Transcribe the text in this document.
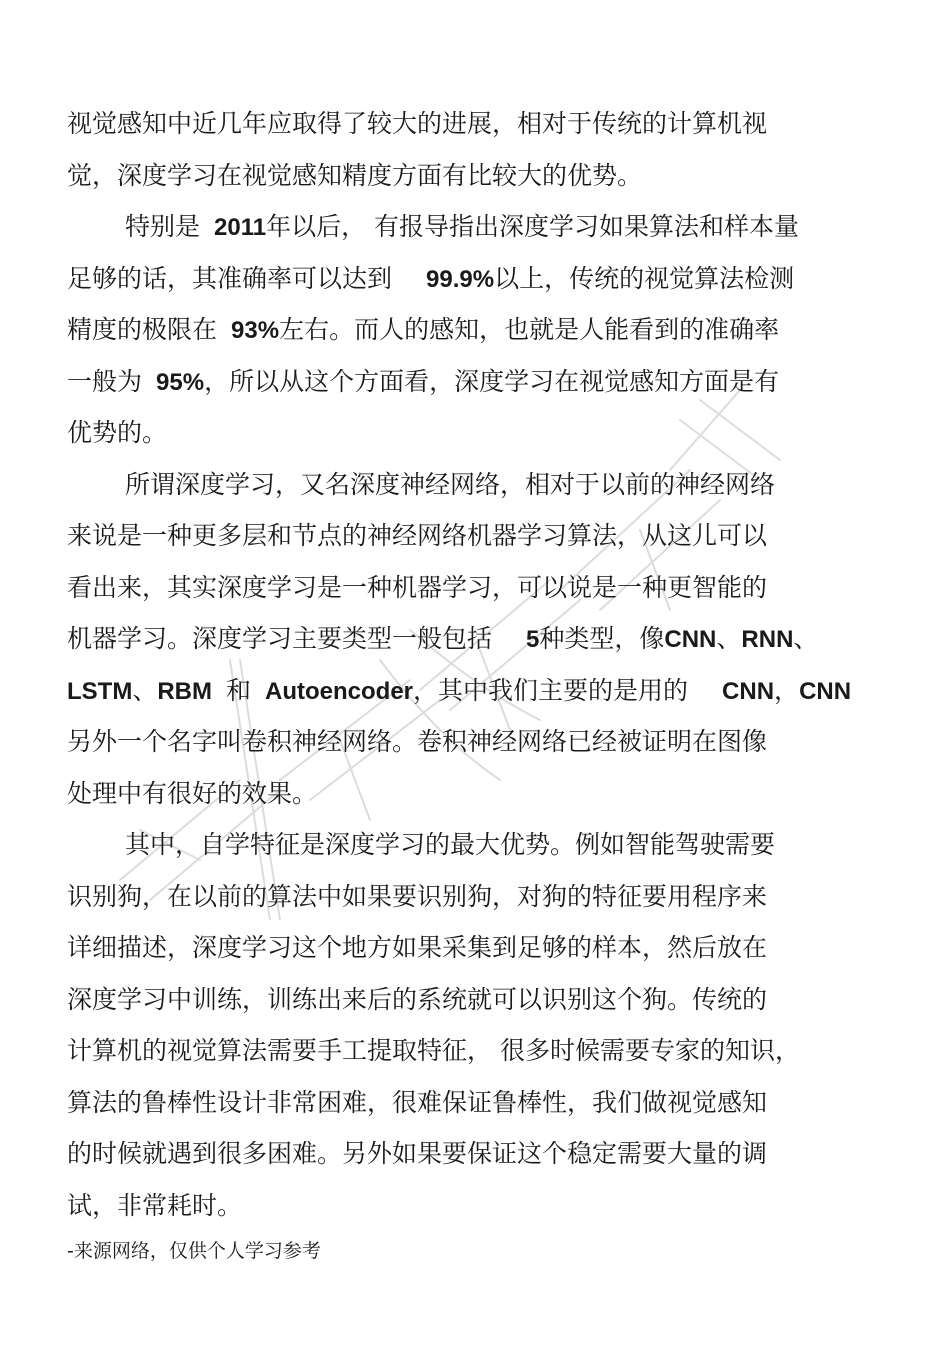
视觉感知中近几年应取得了较大的进展，相对于传统的计算机视
觉，深度学习在视觉感知精度方面有比较大的优势。
特别是 2011年以后， 有报导指出深度学习如果算法和样本量
足够的话，其准确率可以达到 99.9%以上，传统的视觉算法检测
精度的极限在 93%左右。而人的感知，也就是人能看到的准确率
一般为 95%，所以从这个方面看，深度学习在视觉感知方面是有
优势的。
所谓深度学习，又名深度神经网络，相对于以前的神经网络
来说是一种更多层和节点的神经网络机器学习算法，从这儿可以
看出来，其实深度学习是一种机器学习，可以说是一种更智能的
机器学习。深度学习主要类型一般包括 5种类型，像CNN、RNN、
LSTM、RBM 和 Autoencoder，其中我们主要的是用的 CNN，CNN
另外一个名字叫卷积神经网络。卷积神经网络已经被证明在图像
处理中有很好的效果。
其中，自学特征是深度学习的最大优势。例如智能驾驶需要
识别狗，在以前的算法中如果要识别狗，对狗的特征要用程序来
详细描述，深度学习这个地方如果采集到足够的样本，然后放在
深度学习中训练，训练出来后的系统就可以识别这个狗。传统的
计算机的视觉算法需要手工提取特征， 很多时候需要专家的知识，
算法的鲁棒性设计非常困难，很难保证鲁棒性，我们做视觉感知
的时候就遇到很多困难。另外如果要保证这个稳定需要大量的调
试，非常耗时。
-来源网络，仅供个人学习参考
